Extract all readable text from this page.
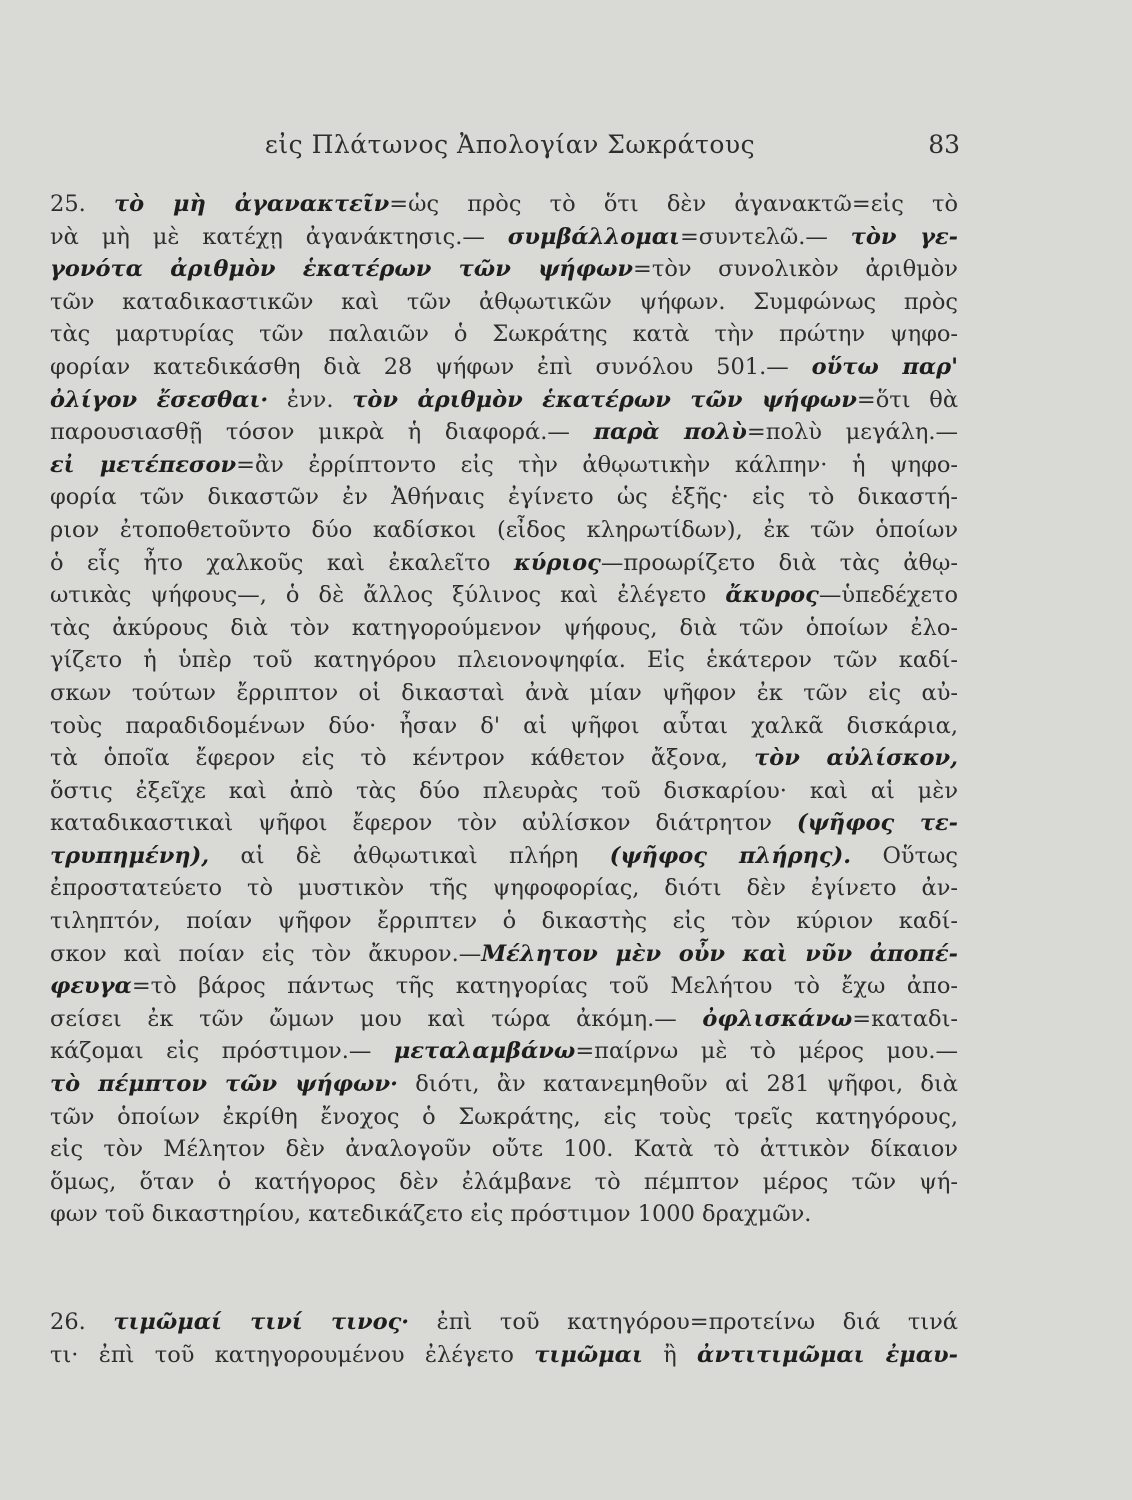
εἰς Πλάτωνος Ἀπολογίαν Σωκράτους	83
25. τὸ μὴ ἀγανακτεῖν=ὡς πρὸς τὸ ὅτι δὲν ἀγανακτῶ=εἰς τὸ
νὰ μὴ μὲ κατέχῃ ἀγανάκτησις.— συμβάλλομαι=συντελῶ.— τὸν γε-
γονότα ἀριθμὸν ἑκατέρων τῶν ψήφων=τὸν συνολικὸν ἀριθμὸν
τῶν καταδικαστικῶν καὶ τῶν ἀθῳωτικῶν ψήφων. Συμφώνως πρὸς
τὰς μαρτυρίας τῶν παλαιῶν ὁ Σωκράτης κατὰ τὴν πρώτην ψηφο-
φορίαν κατεδικάσθη διὰ 28 ψήφων ἐπὶ συνόλου 501.— οὕτω παρ'
ὀλίγον ἔσεσθαι· ἐνν. τὸν ἀριθμὸν ἑκατέρων τῶν ψήφων=ὅτι θὰ
παρουσιασθῇ τόσον μικρὰ ἡ διαφορά.— παρὰ πολὺ=πολὺ μεγάλη.—
εἰ μετέπεσον=ἂν ἐρρίπτοντο εἰς τὴν ἀθῳωτικὴν κάλπην· ἡ ψηφο-
φορία τῶν δικαστῶν ἐν Ἀθήναις ἐγίνετο ὡς ἑξῆς· εἰς τὸ δικαστή-
ριον ἐτοποθετοῦντο δύο καδίσκοι (εἶδος κληρωτίδων), ἐκ τῶν ὁποίων
ὁ εἷς ἦτο χαλκοῦς καὶ ἐκαλεῖτο κύριος—προωρίζετο διὰ τὰς ἀθῳ-
ωτικὰς ψήφους—, ὁ δὲ ἄλλος ξύλινος καὶ ἐλέγετο ἄκυρος—ὑπεδέχετο
τὰς ἀκύρους διὰ τὸν κατηγορούμενον ψήφους, διὰ τῶν ὁποίων ἐλο-
γίζετο ἡ ὑπὲρ τοῦ κατηγόρου πλειονοψηφία. Εἰς ἑκάτερον τῶν καδί-
σκων τούτων ἔρριπτον οἱ δικασταὶ ἀνὰ μίαν ψῆφον ἐκ τῶν εἰς αὐ-
τοὺς παραδιδομένων δύο· ἦσαν δ' αἱ ψῆφοι αὗται χαλκᾶ δισκάρια,
τὰ ὁποῖα ἔφερον εἰς τὸ κέντρον κάθετον ἄξονα, τὸν αὐλίσκον,
ὅστις ἐξεῖχε καὶ ἀπὸ τὰς δύο πλευρὰς τοῦ δισκαρίου· καὶ αἱ μὲν
καταδικαστικαὶ ψῆφοι ἔφερον τὸν αὐλίσκον διάτρητον (ψῆφος τε-
τρυπημένη), αἱ δὲ ἀθῳωτικαὶ πλήρη (ψῆφος πλήρης). Οὕτως
ἐπροστατεύετο τὸ μυστικὸν τῆς ψηφοφορίας, διότι δὲν ἐγίνετο ἀν-
τιληπτόν, ποίαν ψῆφον ἔρριπτεν ὁ δικαστὴς εἰς τὸν κύριον καδί-
σκον καὶ ποίαν εἰς τὸν ἄκυρον.—Μέλητον μὲν οὖν καὶ νῦν ἀποπέ-
φευγα=τὸ βάρος πάντως τῆς κατηγορίας τοῦ Μελήτου τὸ ἔχω ἀπο-
σείσει ἐκ τῶν ὤμων μου καὶ τώρα ἀκόμη.— ὀφλισκάνω=καταδι-
κάζομαι εἰς πρόστιμον.— μεταλαμβάνω=παίρνω μὲ τὸ μέρος μου.—
τὸ πέμπτον τῶν ψήφων· διότι, ἂν κατανεμηθοῦν αἱ 281 ψῆφοι, διὰ
τῶν ὁποίων ἐκρίθη ἔνοχος ὁ Σωκράτης, εἰς τοὺς τρεῖς κατηγόρους,
εἰς τὸν Μέλητον δὲν ἀναλογοῦν οὔτε 100. Κατὰ τὸ ἀττικὸν δίκαιον
ὅμως, ὅταν ὁ κατήγορος δὲν ἐλάμβανε τὸ πέμπτον μέρος τῶν ψή-
φων τοῦ δικαστηρίου, κατεδικάζετο εἰς πρόστιμον 1000 δραχμῶν.
26. τιμῶμαί τινί τινος· ἐπὶ τοῦ κατηγόρου=προτείνω διά τινά
τι· ἐπὶ τοῦ κατηγορουμένου ἐλέγετο τιμῶμαι ἢ ἀντιτιμῶμαι ἐμαυ-
